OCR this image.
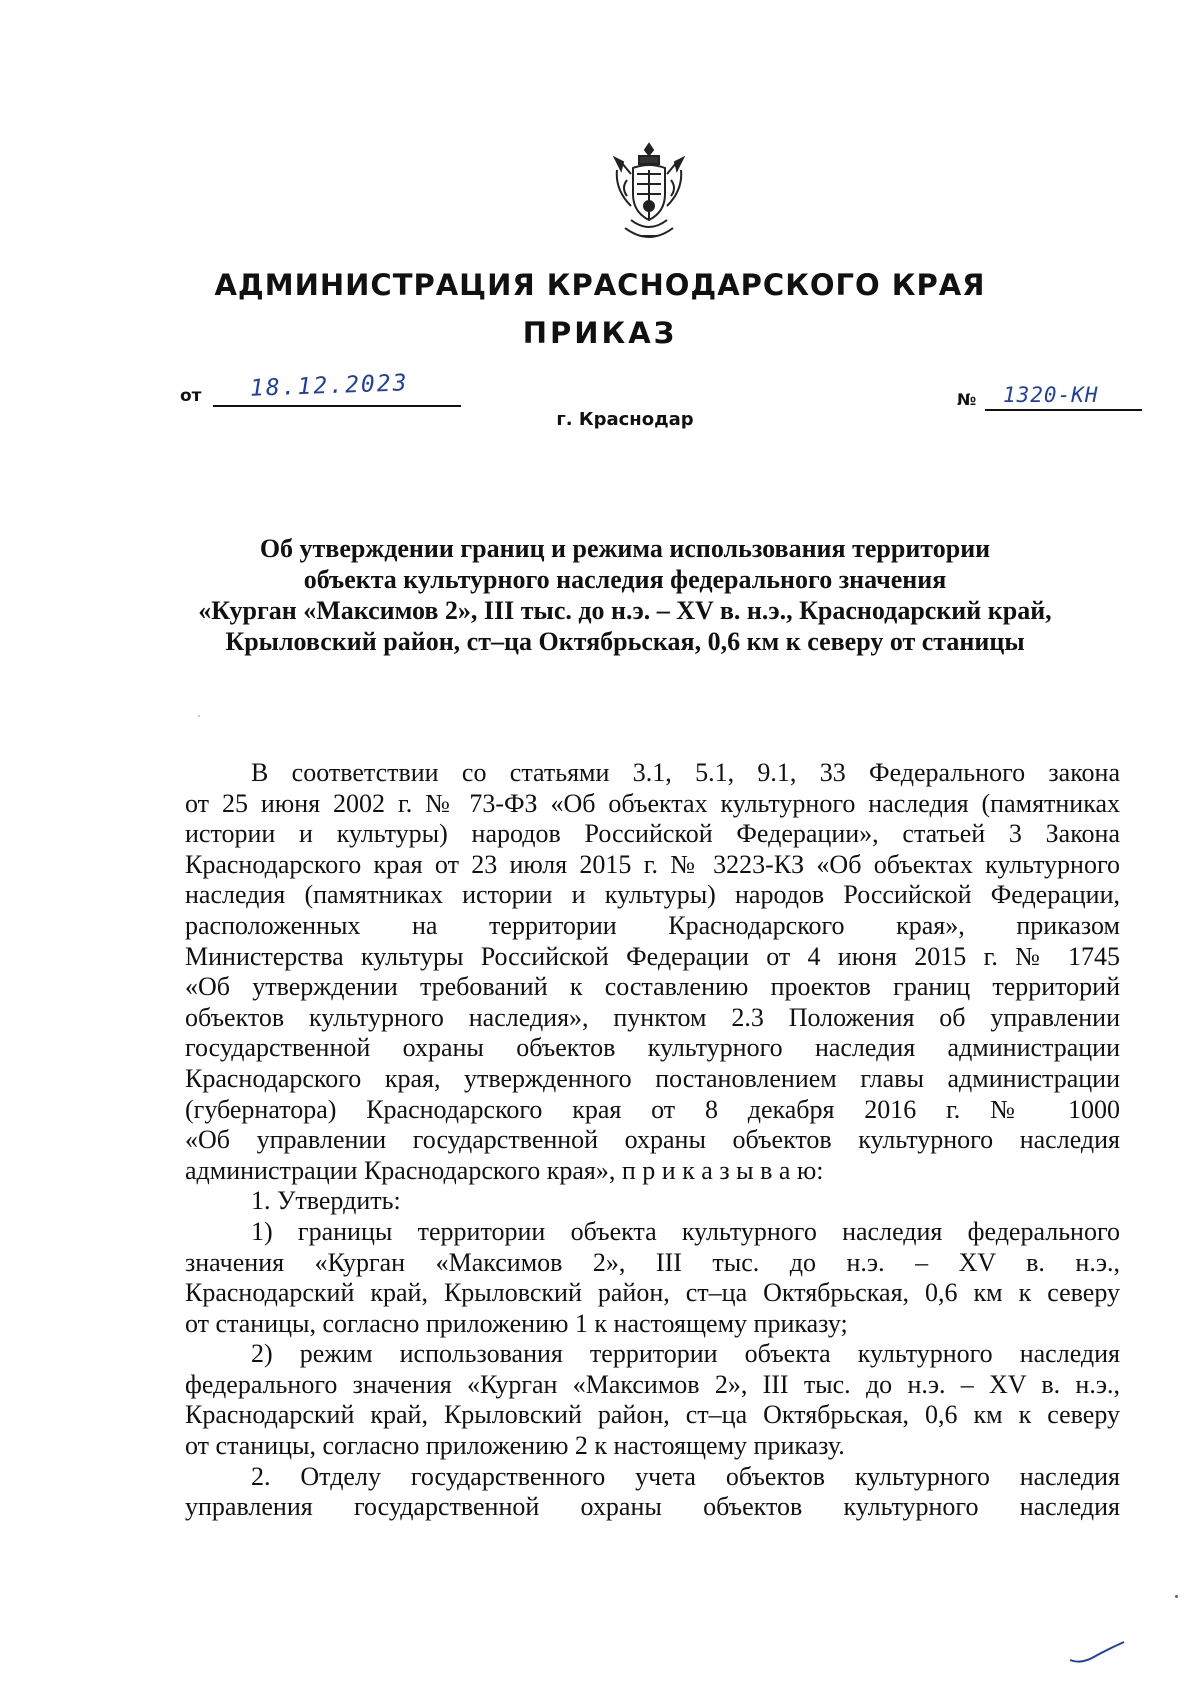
АДМИНИСТРАЦИЯ КРАСНОДАРСКОГО КРАЯ
ПРИКАЗ
от 18.12.2023
г. Краснодар
№ 1320-КН
Об утверждении границ и режима использования территории
объекта культурного наследия федерального значения
«Курган «Максимов 2», III тыс. до н.э. – XV в. н.э., Краснодарский край,
Крыловский район, ст–ца Октябрьская, 0,6 км к северу от станицы
В соответствии со статьями 3.1, 5.1, 9.1, 33 Федерального закона
от 25 июня 2002 г. № 73-ФЗ «Об объектах культурного наследия (памятниках
истории и культуры) народов Российской Федерации», статьей 3 Закона
Краснодарского края от 23 июля 2015 г. № 3223-КЗ «Об объектах культурного
наследия (памятниках истории и культуры) народов Российской Федерации,
расположенных на территории Краснодарского края», приказом
Министерства культуры Российской Федерации от 4 июня 2015 г. № 1745
«Об утверждении требований к составлению проектов границ территорий
объектов культурного наследия», пунктом 2.3 Положения об управлении
государственной охраны объектов культурного наследия администрации
Краснодарского края, утвержденного постановлением главы администрации
(губернатора) Краснодарского края от 8 декабря 2016 г. № 1000
«Об управлении государственной охраны объектов культурного наследия
администрации Краснодарского края», п р и к а з ы в а ю:
1. Утвердить:
1) границы территории объекта культурного наследия федерального
значения «Курган «Максимов 2», III тыс. до н.э. – XV в. н.э.,
Краснодарский край, Крыловский район, ст–ца Октябрьская, 0,6 км к северу
от станицы, согласно приложению 1 к настоящему приказу;
2) режим использования территории объекта культурного наследия
федерального значения «Курган «Максимов 2», III тыс. до н.э. – XV в. н.э.,
Краснодарский край, Крыловский район, ст–ца Октябрьская, 0,6 км к северу
от станицы, согласно приложению 2 к настоящему приказу.
2. Отделу государственного учета объектов культурного наследия
управления государственной охраны объектов культурного наследия
